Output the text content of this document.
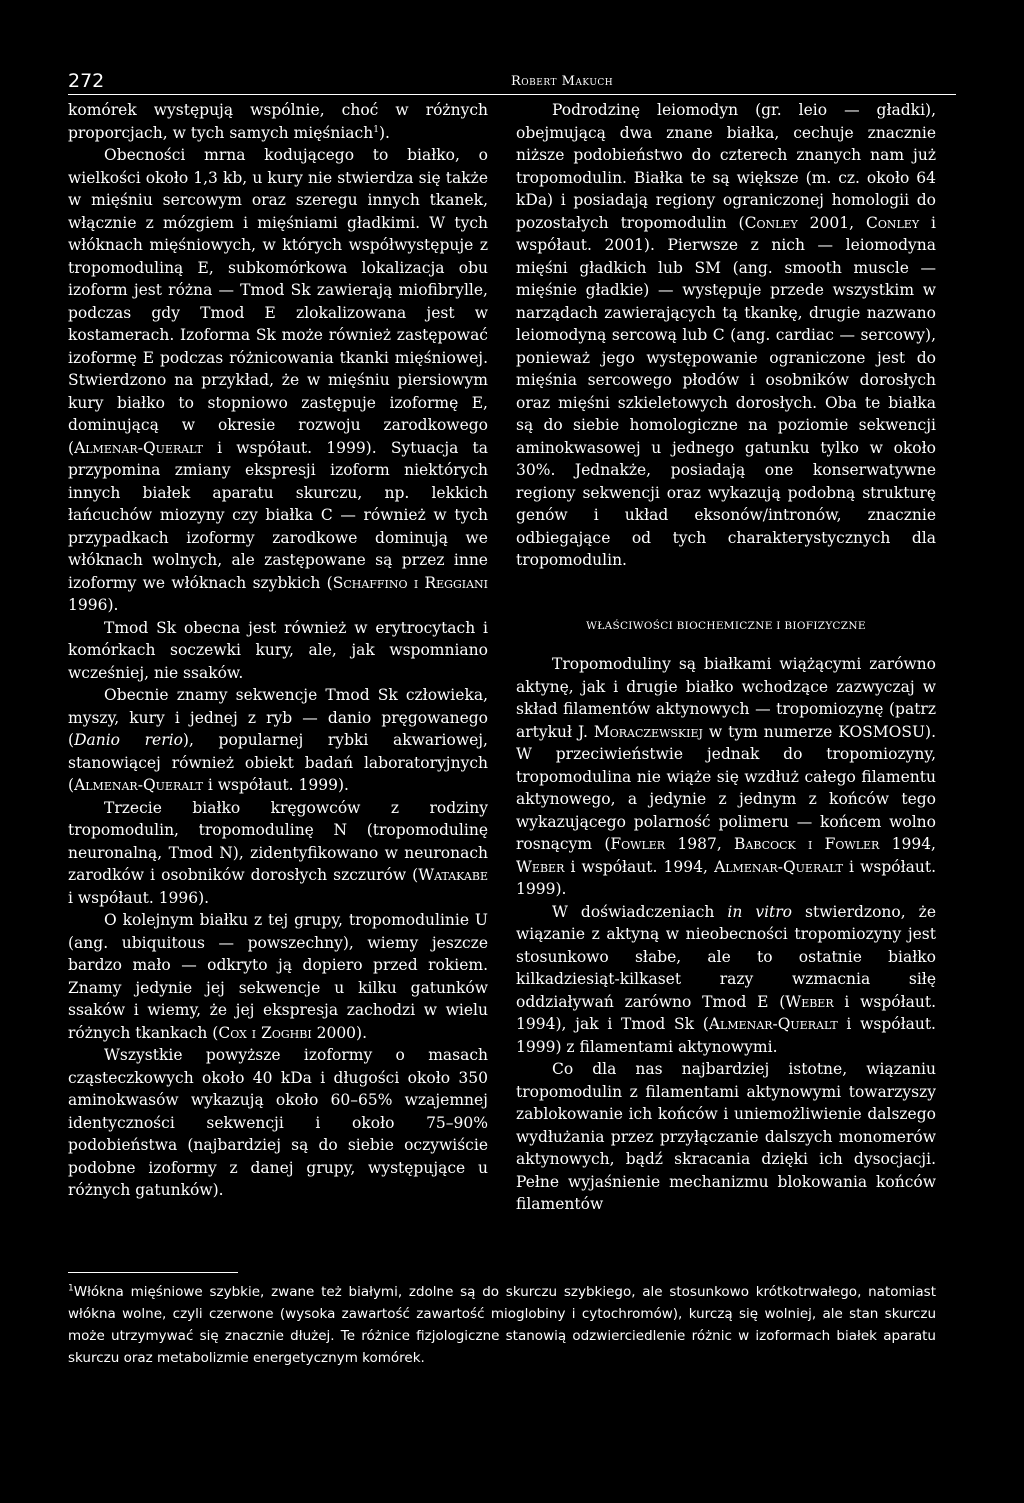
272	Robert Makuch

komórek występują wspólnie, choć w różnych proporcjach, w tych samych mięśniach$^1$).

Obecności mrna kodującego to białko, o wielkości około 1,3 kb, u kury nie stwierdza się także w mięśniu sercowym oraz szeregu innych tkanek, włącznie z mózgiem i mięśniami gładkimi. W tych włóknach mięśniowych, w których współwystępuje z tropomoduliną E, subkomórkowa lokalizacja obu izoform jest różna — Tmod Sk zawierają miofibrylle, podczas gdy Tmod E zlokalizowana jest w kostamerach. Izoforma Sk może również zastępować izoformę E podczas różnicowania tkanki mięśniowej. Stwierdzono na przykład, że w mięśniu piersiowym kury białko to stopniowo zastępuje izoformę E, dominującą w okresie rozwoju zarodkowego (Almenar-Queralt i współaut. 1999). Sytuacja ta przypomina zmiany ekspresji izoform niektórych innych białek aparatu skurczu, np. lekkich łańcuchów miozyny czy białka C — również w tych przypadkach izoformy zarodkowe dominują we włóknach wolnych, ale zastępowane są przez inne izoformy we włóknach szybkich (Schaffino i Reggiani 1996).

Tmod Sk obecna jest również w erytrocytach i komórkach soczewki kury, ale, jak wspomniano wcześniej, nie ssaków.

Obecnie znamy sekwencje Tmod Sk człowieka, myszy, kury i jednej z ryb — danio pręgowanego (Danio rerio), popularnej rybki akwariowej, stanowiącej również obiekt badań laboratoryjnych (Almenar-Queralt i współaut. 1999).

Trzecie białko kręgowców z rodziny tropomodulin, tropomodulinę N (tropomodulinę neuronalną, Tmod N), zidentyfikowano w neuronach zarodków i osobników dorosłych szczurów (Watakabe i współaut. 1996).

O kolejnym białku z tej grupy, tropomodulinie U (ang. ubiquitous — powszechny), wiemy jeszcze bardzo mało — odkryto ją dopiero przed rokiem. Znamy jedynie jej sekwencje u kilku gatunków ssaków i wiemy, że jej ekspresja zachodzi w wielu różnych tkankach (Cox i Zoghbi 2000).

Wszystkie powyższe izoformy o masach cząsteczkowych około 40 kDa i długości około 350 aminokwasów wykazują około 60–65% wzajemnej identyczności sekwencji i około 75–90% podobieństwa (najbardziej są do siebie oczywiście podobne izoformy z danej grupy, występujące u różnych gatunków).

Podrodzinę leiomodyn (gr. leio — gładki), obejmującą dwa znane białka, cechuje znacznie niższe podobieństwo do czterech znanych nam już tropomodulin. Białka te są większe (m. cz. około 64 kDa) i posiadają regiony ograniczonej homologii do pozostałych tropomodulin (Conley 2001, Conley i współaut. 2001). Pierwsze z nich — leiomodyna mięśni gładkich lub SM (ang. smooth muscle — mięśnie gładkie) — występuje przede wszystkim w narządach zawierających tą tkankę, drugie nazwano leiomodyną sercową lub C (ang. cardiac — sercowy), ponieważ jego występowanie ograniczone jest do mięśnia sercowego płodów i osobników dorosłych oraz mięśni szkieletowych dorosłych. Oba te białka są do siebie homologiczne na poziomie sekwencji aminokwasowej u jednego gatunku tylko w około 30%. Jednakże, posiadają one konserwatywne regiony sekwencji oraz wykazują podobną strukturę genów i układ eksonów/intronów, znacznie odbiegające od tych charakterystycznych dla tropomodulin.

WŁAŚCIWOŚCI BIOCHEMICZNE I BIOFIZYCZNE

Tropomoduliny są białkami wiążącymi zarówno aktynę, jak i drugie białko wchodzące zazwyczaj w skład filamentów aktynowych — tropomiozynę (patrz artykuł J. Moraczewskiej w tym numerze KOSMOSU). W przeciwieństwie jednak do tropomiozyny, tropomodulina nie wiąże się wzdłuż całego filamentu aktynowego, a jedynie z jednym z końców tego wykazującego polarność polimeru — końcem wolno rosnącym (Fowler 1987, Babcock i Fowler 1994, Weber i współaut. 1994, Almenar-Queralt i współaut. 1999).

W doświadczeniach in vitro stwierdzono, że wiązanie z aktyną w nieobecności tropomiozyny jest stosunkowo słabe, ale to ostatnie białko kilkadziesiąt-kilkaset razy wzmacnia siłę oddziaływań zarówno Tmod E (Weber i współaut. 1994), jak i Tmod Sk (Almenar-Queralt i współaut. 1999) z filamentami aktynowymi.

Co dla nas najbardziej istotne, wiązaniu tropomodulin z filamentami aktynowymi towarzyszy zablokowanie ich końców i uniemożliwienie dalszego wydłużania przez przyłączanie dalszych monomerów aktynowych, bądź skracania dzięki ich dysocjacji. Pełne wyjaśnienie mechanizmu blokowania końców filamentów

$^1$Włókna mięśniowe szybkie, zwane też białymi, zdolne są do skurczu szybkiego, ale stosunkowo krótkotrwałego, natomiast włókna wolne, czyli czerwone (wysoka zawartość zawartość mioglobiny i cytochromów), kurczą się wolniej, ale stan skurczu może utrzymywać się znacznie dłużej. Te różnice fizjologiczne stanowią odzwierciedlenie różnic w izoformach białek aparatu skurczu oraz metabolizmie energetycznym komórek.
